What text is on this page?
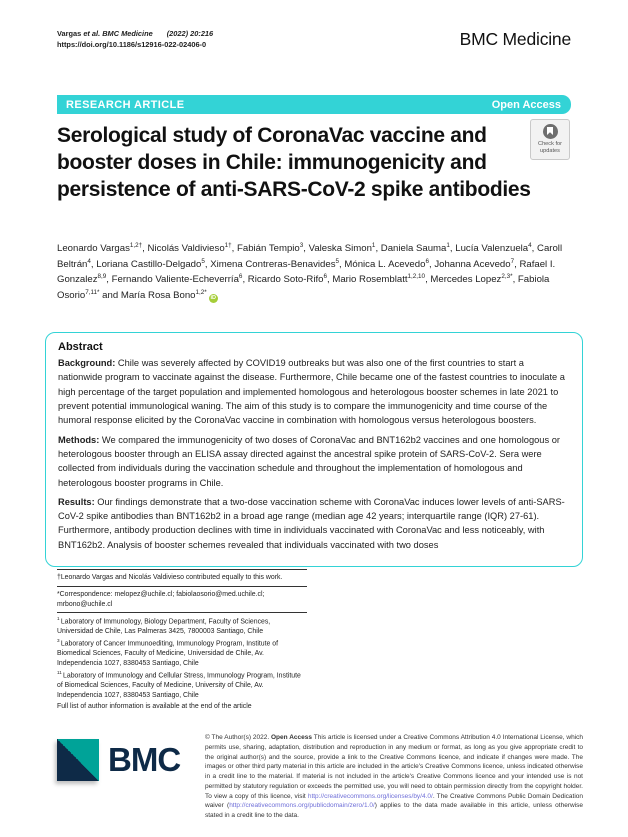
Vargas et al. BMC Medicine (2022) 20:216
https://doi.org/10.1186/s12916-022-02406-0	BMC Medicine
RESEARCH ARTICLE	Open Access
Check for
updates
Serological study of CoronaVac vaccine and booster doses in Chile: immunogenicity and persistence of anti-SARS-CoV-2 spike antibodies
Leonardo Vargas$^{1,2\dagger}$, Nicolás Valdivieso$^{1\dagger}$, Fabián Tempio$^3$, Valeska Simon$^1$, Daniela Sauma$^1$, Lucía Valenzuela$^4$, Caroll Beltrán$^4$, Loriana Castillo-Delgado$^5$, Ximena Contreras-Benavides$^5$, Mónica L. Acevedo$^6$, Johanna Acevedo$^7$, Rafael I. Gonzalez$^{8,9}$, Fernando Valiente-Echeverría$^6$, Ricardo Soto-Rifo$^6$, Mario Rosemblatt$^{1,2,10}$, Mercedes Lopez$^{2,3*}$, Fabiola Osorio$^{7,11*}$ and María Rosa Bono$^{1,2*}$iD
Abstract

Background: Chile was severely affected by COVID19 outbreaks but was also one of the first countries to start a nationwide program to vaccinate against the disease. Furthermore, Chile became one of the fastest countries to inoculate a high percentage of the target population and implemented homologous and heterologous booster schemes in late 2021 to prevent potential immunological waning. The aim of this study is to compare the immunogenicity and time course of the humoral response elicited by the CoronaVac vaccine in combination with homologous versus heterologous boosters.

Methods: We compared the immunogenicity of two doses of CoronaVac and BNT162b2 vaccines and one homologous or heterologous booster through an ELISA assay directed against the ancestral spike protein of SARS-CoV-2. Sera were collected from individuals during the vaccination schedule and throughout the implementation of homologous and heterologous booster programs in Chile.

Results: Our findings demonstrate that a two-dose vaccination scheme with CoronaVac induces lower levels of anti-SARS-CoV-2 spike antibodies than BNT162b2 in a broad age range (median age 42 years; interquartile range (IQR) 27-61). Furthermore, antibody production declines with time in individuals vaccinated with CoronaVac and less noticeably, with BNT162b2. Analysis of booster schemes revealed that individuals vaccinated with two doses

†Leonardo Vargas and Nicolás Valdivieso contributed equally to this work.

*Correspondence: melopez@uchile.cl; fabiolaosorio@med.uchile.cl; mrbono@uchile.cl

$^1$ Laboratory of Immunology, Biology Department, Faculty of Sciences, Universidad de Chile, Las Palmeras 3425, 7800003 Santiago, Chile

$^3$ Laboratory of Cancer Immunoediting, Immunology Program, Institute of Biomedical Sciences, Faculty of Medicine, Universidad de Chile, Av. Independencia 1027, 8380453 Santiago, Chile

$^{11}$ Laboratory of Immunology and Cellular Stress, Immunology Program, Institute of Biomedical Sciences, Faculty of Medicine, University of Chile, Av. Independencia 1027, 8380453 Santiago, Chile

Full list of author information is available at the end of the article

BMC
© The Author(s) 2022. Open Access This article is licensed under a Creative Commons Attribution 4.0 International License, which permits use, sharing, adaptation, distribution and reproduction in any medium or format, as long as you give appropriate credit to the original author(s) and the source, provide a link to the Creative Commons licence, and indicate if changes were made. The images or other third party material in this article are included in the article's Creative Commons licence, unless indicated otherwise in a credit line to the material. If material is not included in the article's Creative Commons licence and your intended use is not permitted by statutory regulation or exceeds the permitted use, you will need to obtain permission directly from the copyright holder. To view a copy of this licence, visit http://creativecommons.org/licenses/by/4.0/. The Creative Commons Public Domain Dedication waiver (http://creativecommons.org/publicdomain/zero/1.0/) applies to the data made available in this article, unless otherwise stated in a credit line to the data.
